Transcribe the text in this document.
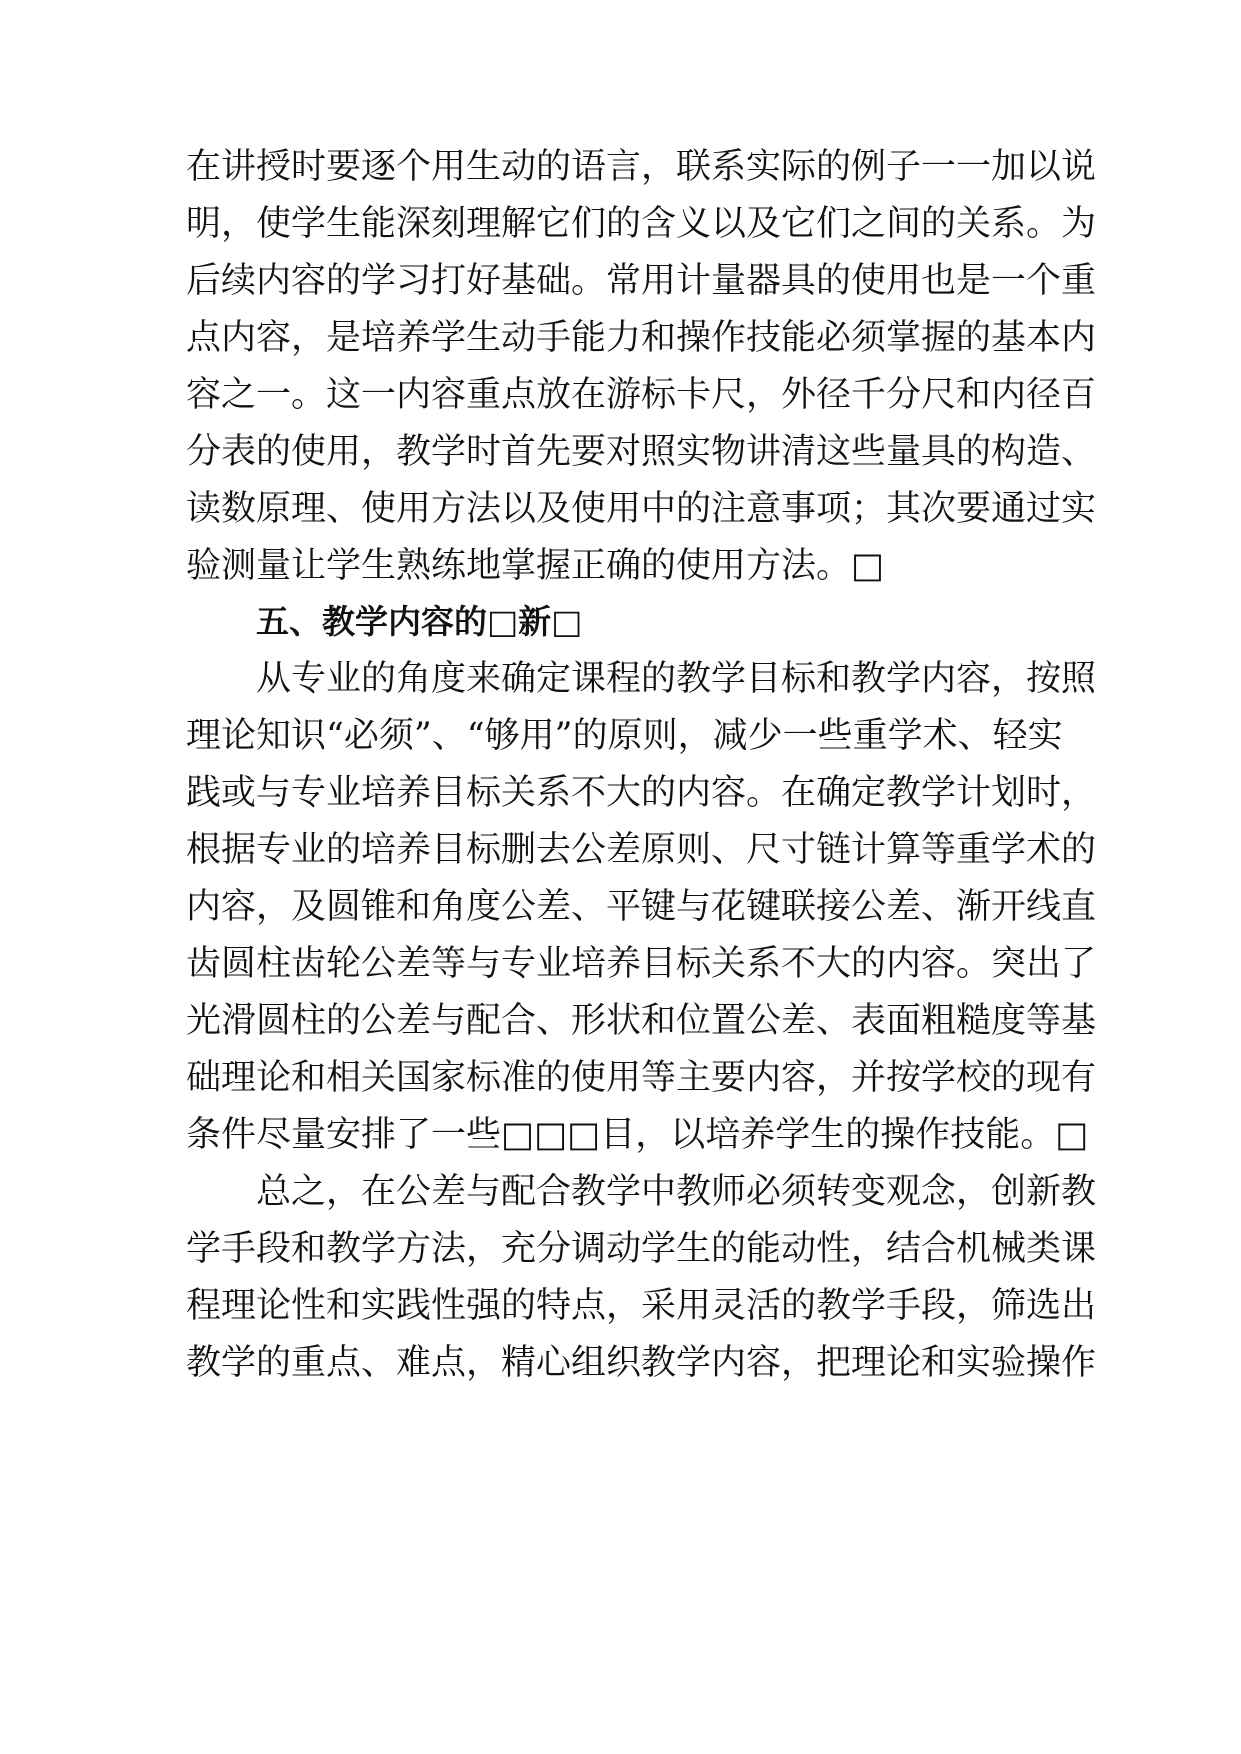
在讲授时要逐个用生动的语言，联系实际的例子一一加以说
明，使学生能深刻理解它们的含义以及它们之间的关系。为
后续内容的学习打好基础。常用计量器具的使用也是一个重
点内容，是培养学生动手能力和操作技能必须掌握的基本内
容之一。这一内容重点放在游标卡尺，外径千分尺和内径百
分表的使用，教学时首先要对照实物讲清这些量具的构造、
读数原理、使用方法以及使用中的注意事项；其次要通过实
验测量让学生熟练地掌握正确的使用方法。□
五、教学内容的□新□
从专业的角度来确定课程的教学目标和教学内容，按照
理论知识“必须”、“够用”的原则，减少一些重学术、轻实
践或与专业培养目标关系不大的内容。在确定教学计划时，
根据专业的培养目标删去公差原则、尺寸链计算等重学术的
内容，及圆锥和角度公差、平键与花键联接公差、渐开线直
齿圆柱齿轮公差等与专业培养目标关系不大的内容。突出了
光滑圆柱的公差与配合、形状和位置公差、表面粗糙度等基
础理论和相关国家标准的使用等主要内容，并按学校的现有
条件尽量安排了一些□□□目，以培养学生的操作技能。□
总之，在公差与配合教学中教师必须转变观念，创新教
学手段和教学方法，充分调动学生的能动性，结合机械类课
程理论性和实践性强的特点，采用灵活的教学手段，筛选出
教学的重点、难点，精心组织教学内容，把理论和实验操作
